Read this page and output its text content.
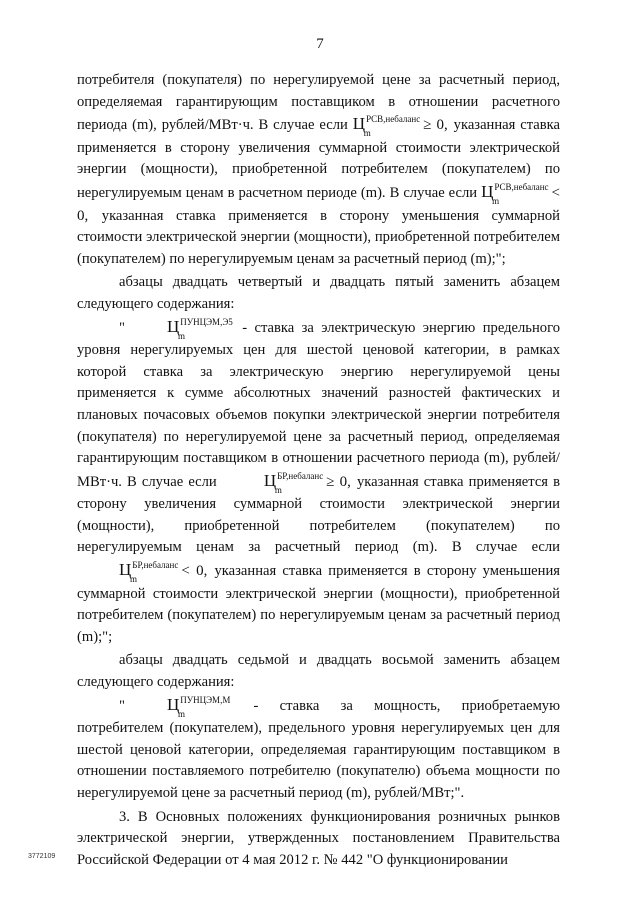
7

потребителя (покупателя) по нерегулируемой цене за расчетный период, определяемая гарантирующим поставщиком в отношении расчетного периода (m), рублей/МВт·ч. В случае если $Ц^{РСВ,небаланс}$
m	≥ 0, указанная ставка применяется в сторону увеличения суммарной стоимости электрической энергии (мощности), приобретенной потребителем (покупателем) по нерегулируемым ценам в расчетном периоде (m). В случае если $Ц^{РСВ,небаланс}$
m	< 0, указанная ставка применяется в сторону уменьшения суммарной стоимости электрической энергии (мощности), приобретенной потребителем (покупателем) по нерегулируемым ценам за расчетный период (m);";

абзацы двадцать четвертый и двадцать пятый заменить абзацем следующего содержания:

" $Ц^{ПУНЦЭМ,Э5}$
m	- ставка за электрическую энергию предельного уровня нерегулируемых цен для шестой ценовой категории, в рамках которой ставка за электрическую энергию нерегулируемой цены применяется к сумме абсолютных значений разностей фактических и плановых почасовых объемов покупки электрической энергии потребителя (покупателя) по нерегулируемой цене за расчетный период, определяемая гарантирующим поставщиком в отношении расчетного периода (m), рублей/МВт·ч. В случае если	$Ц^{БР,небаланс}$
m	≥ 0, указанная ставка применяется в сторону увеличения суммарной стоимости электрической энергии (мощности), приобретенной потребителем (покупателем) по нерегулируемым ценам за расчетный период (m). В случае если $Ц^{БР,небаланс}$
m	< 0, указанная ставка применяется в сторону уменьшения суммарной стоимости электрической энергии (мощности), приобретенной потребителем (покупателем) по нерегулируемым ценам за расчетный период (m);";

абзацы двадцать седьмой и двадцать восьмой заменить абзацем следующего содержания:

" $Ц^{ПУНЦЭМ,М}$
m	- ставка за мощность, приобретаемую потребителем (покупателем), предельного уровня нерегулируемых цен для шестой ценовой категории, определяемая гарантирующим поставщиком в отношении поставляемого потребителю (покупателю) объема мощности по нерегулируемой цене за расчетный период (m), рублей/МВт;".

3. В Основных положениях функционирования розничных рынков электрической энергии, утвержденных постановлением Правительства Российской Федерации от 4 мая 2012 г. № 442 "О функционировании

3772109
